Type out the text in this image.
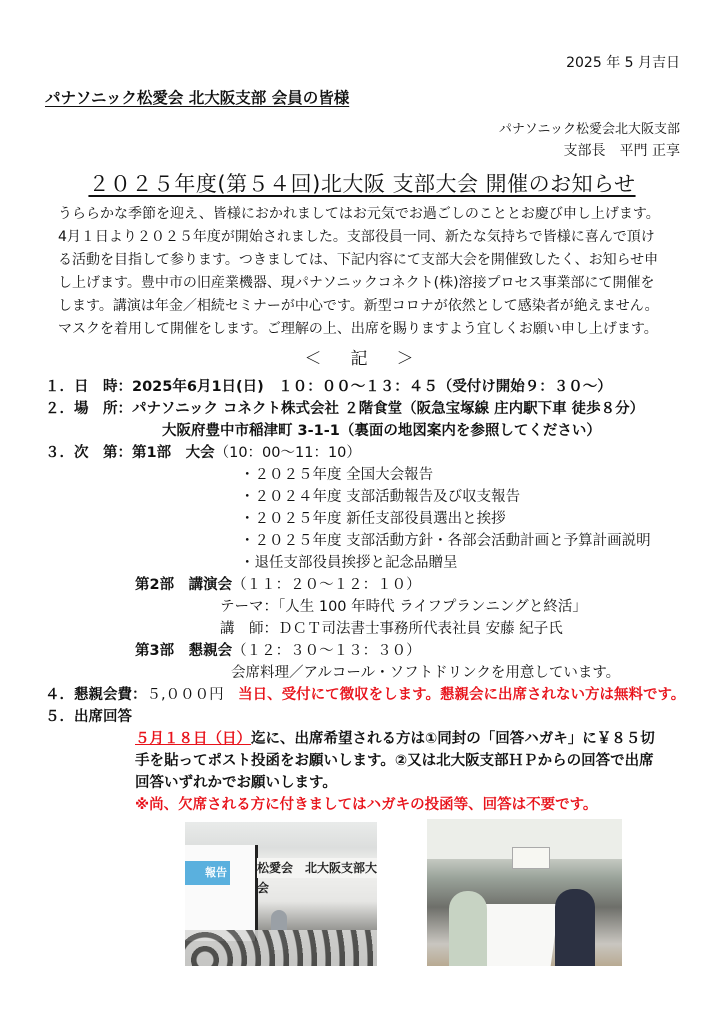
2025 年 5 月吉日
パナソニック松愛会 北大阪支部 会員の皆様
パナソニック松愛会北大阪支部
支部長　平門 正享
２０２５年度(第５４回)北大阪 支部大会 開催のお知らせ

うららかな季節を迎え、皆様におかれましてはお元気でお過ごしのこととお慶び申し上げます。

4月１日より２０２５年度が開始されました。支部役員一同、新たな気持ちで皆様に喜んで頂け

る活動を目指して参ります。つきましては、下記内容にて支部大会を開催致したく、お知らせ申

し上げます。豊中市の旧産業機器、現パナソニックコネクト(株)溶接プロセス事業部にて開催を

します。講演は年金／相続セミナーが中心です。新型コロナが依然として感染者が絶えません。

マスクを着用して開催をします。ご理解の上、出席を賜りますよう宜しくお願い申し上げます。

＜　記　＞
１．日　時：2025年6月1日(日)　１０：００～１３：４５（受付け開始９：３０～）
２．場　所：パナソニック コネクト株式会社 ２階食堂（阪急宝塚線 庄内駅下車 徒歩８分）
大阪府豊中市稲津町 3-1-1（裏面の地図案内を参照してください）
３．次　第：第1部　大会（10：00～11：10）
・２０２５年度 全国大会報告
・２０２４年度 支部活動報告及び収支報告
・２０２５年度 新任支部役員選出と挨拶
・２０２５年度 支部活動方針・各部会活動計画と予算計画説明
・退任支部役員挨拶と記念品贈呈
第2部　講演会（１１：２０～１２：１０）
テーマ：「人生 100 年時代 ライフプランニングと終活」
講　師：ＤＣＴ司法書士事務所代表社員 安藤 紀子氏
第3部　懇親会（１２：３０～１３：３０）
会席料理／アルコール・ソフトドリンクを用意しています。
４．懇親会費：５,０００円　 当日、受付にて徴収をします。懇親会に出席されない方は無料です。
５．出席回答
５月１８日（日）迄に、出席希望される方は①同封の「回答ハガキ」に￥８５切
手を貼ってポスト投函をお願いします。②又は北大阪支部ＨＰからの回答で出席
回答いずれかでお願いします。
※尚、欠席される方に付きましてはハガキの投函等、回答は不要です。
報告	松愛会　北大阪支部大会
